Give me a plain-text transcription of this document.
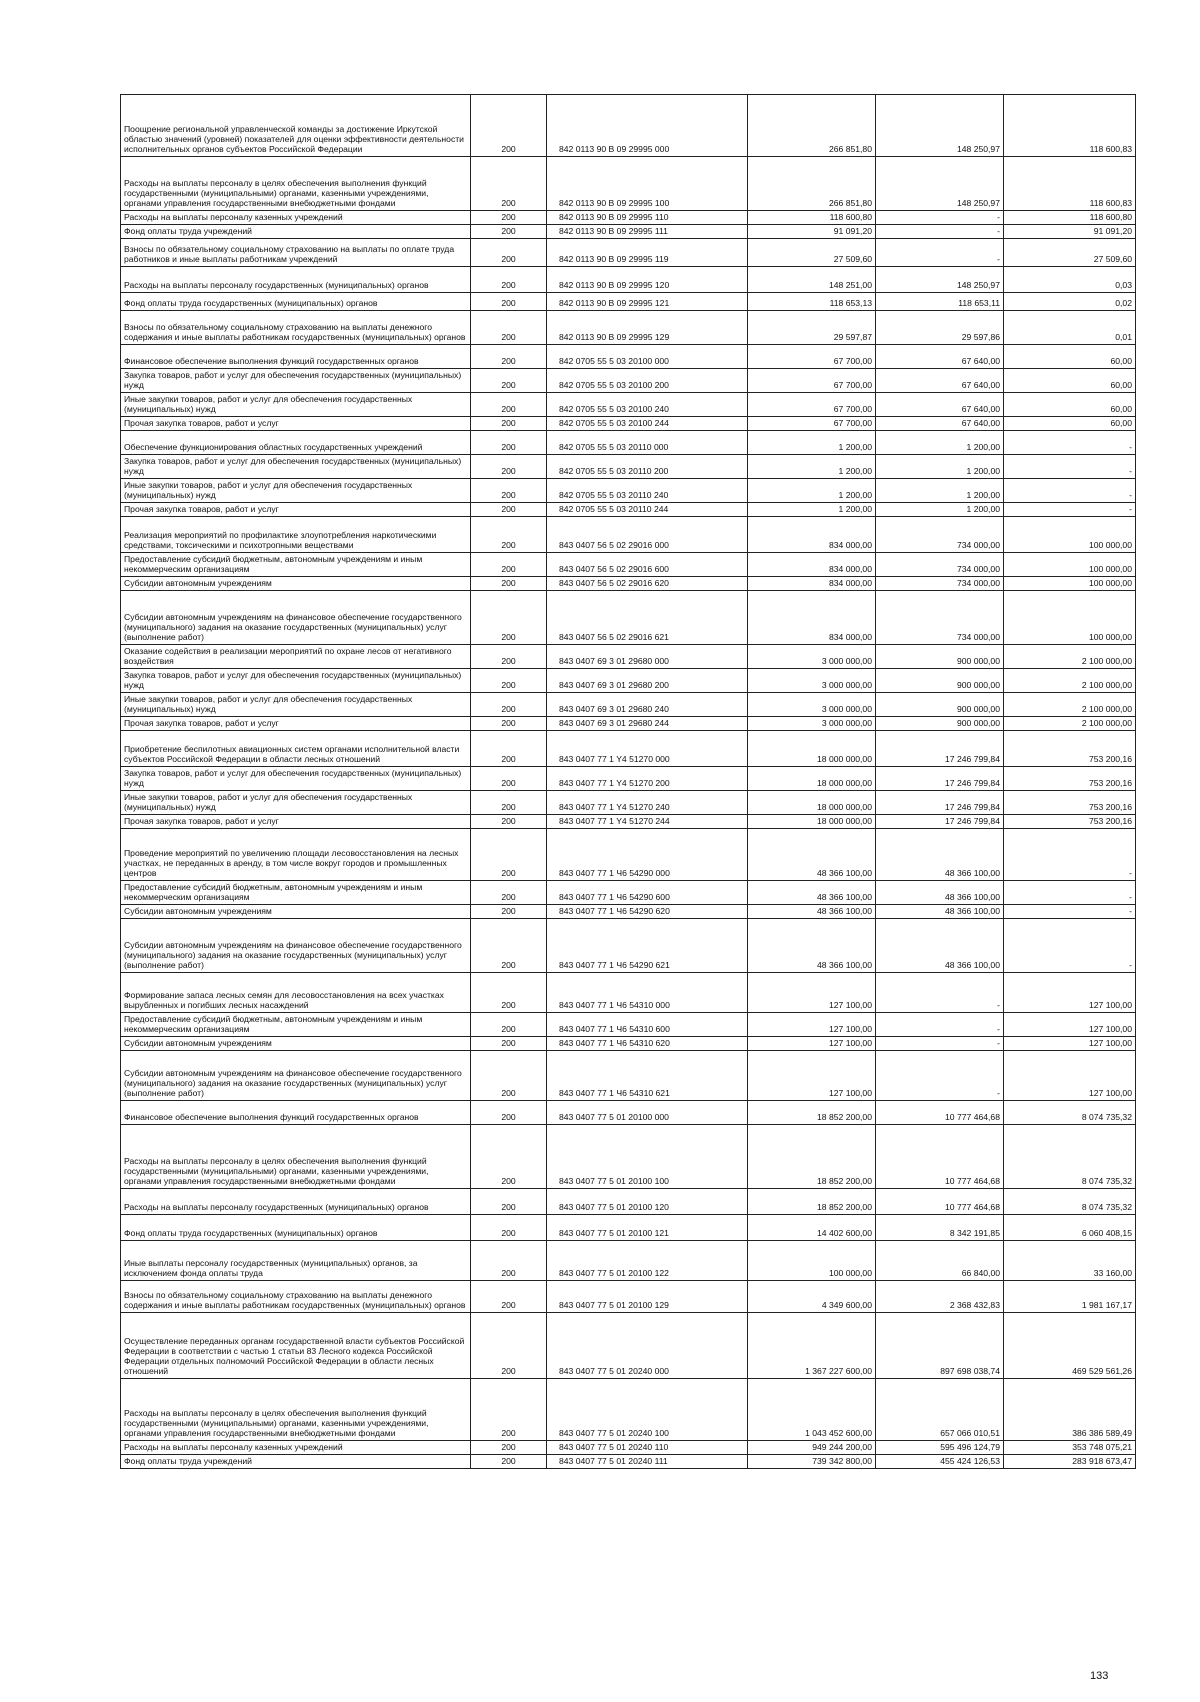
Поощрение региональной управленческой команды за достижение Иркутской областью значений (уровней) показателей для оценки эффективности деятельности исполнительных органов субъектов Российской Федерации	200	842 0113 90 В 09 29995 000	266 851,80	148 250,97	118 600,83
Расходы на выплаты персоналу в целях обеспечения выполнения функций государственными (муниципальными) органами, казенными учреждениями, органами управления государственными внебюджетными фондами	200	842 0113 90 В 09 29995 100	266 851,80	148 250,97	118 600,83
Расходы на выплаты персоналу казенных учреждений	200	842 0113 90 В 09 29995 110	118 600,80	-	118 600,80
Фонд оплаты труда учреждений	200	842 0113 90 В 09 29995 111	91 091,20	-	91 091,20
Взносы по обязательному социальному страхованию на выплаты по оплате труда работников и иные выплаты работникам учреждений	200	842 0113 90 В 09 29995 119	27 509,60	-	27 509,60
Расходы на выплаты персоналу государственных (муниципальных) органов	200	842 0113 90 В 09 29995 120	148 251,00	148 250,97	0,03
Фонд оплаты труда государственных (муниципальных) органов	200	842 0113 90 В 09 29995 121	118 653,13	118 653,11	0,02
Взносы по обязательному социальному страхованию на выплаты денежного содержания и иные выплаты работникам государственных (муниципальных) органов	200	842 0113 90 В 09 29995 129	29 597,87	29 597,86	0,01
Финансовое обеспечение выполнения функций государственных органов	200	842 0705 55 5 03 20100 000	67 700,00	67 640,00	60,00
Закупка товаров, работ и услуг для обеспечения государственных (муниципальных) нужд	200	842 0705 55 5 03 20100 200	67 700,00	67 640,00	60,00
Иные закупки товаров, работ и услуг для обеспечения государственных (муниципальных) нужд	200	842 0705 55 5 03 20100 240	67 700,00	67 640,00	60,00
Прочая закупка товаров, работ и услуг	200	842 0705 55 5 03 20100 244	67 700,00	67 640,00	60,00
Обеспечение функционирования областных государственных учреждений	200	842 0705 55 5 03 20110 000	1 200,00	1 200,00	-
Закупка товаров, работ и услуг для обеспечения государственных (муниципальных) нужд	200	842 0705 55 5 03 20110 200	1 200,00	1 200,00	-
Иные закупки товаров, работ и услуг для обеспечения государственных (муниципальных) нужд	200	842 0705 55 5 03 20110 240	1 200,00	1 200,00	-
Прочая закупка товаров, работ и услуг	200	842 0705 55 5 03 20110 244	1 200,00	1 200,00	-
Реализация мероприятий по профилактике злоупотребления наркотическими средствами, токсическими и психотропными веществами	200	843 0407 56 5 02 29016 000	834 000,00	734 000,00	100 000,00
Предоставление субсидий бюджетным, автономным учреждениям и иным некоммерческим организациям	200	843 0407 56 5 02 29016 600	834 000,00	734 000,00	100 000,00
Субсидии автономным учреждениям	200	843 0407 56 5 02 29016 620	834 000,00	734 000,00	100 000,00
Субсидии автономным учреждениям на финансовое обеспечение государственного (муниципального) задания на оказание государственных (муниципальных) услуг (выполнение работ)	200	843 0407 56 5 02 29016 621	834 000,00	734 000,00	100 000,00
Оказание содействия в реализации мероприятий по охране лесов от негативного воздействия	200	843 0407 69 3 01 29680 000	3 000 000,00	900 000,00	2 100 000,00
Закупка товаров, работ и услуг для обеспечения государственных (муниципальных) нужд	200	843 0407 69 3 01 29680 200	3 000 000,00	900 000,00	2 100 000,00
Иные закупки товаров, работ и услуг для обеспечения государственных (муниципальных) нужд	200	843 0407 69 3 01 29680 240	3 000 000,00	900 000,00	2 100 000,00
Прочая закупка товаров, работ и услуг	200	843 0407 69 3 01 29680 244	3 000 000,00	900 000,00	2 100 000,00
Приобретение беспилотных авиационных систем органами исполнительной власти субъектов Российской Федерации в области лесных отношений	200	843 0407 77 1 Y4 51270 000	18 000 000,00	17 246 799,84	753 200,16
Закупка товаров, работ и услуг для обеспечения государственных (муниципальных) нужд	200	843 0407 77 1 Y4 51270 200	18 000 000,00	17 246 799,84	753 200,16
Иные закупки товаров, работ и услуг для обеспечения государственных (муниципальных) нужд	200	843 0407 77 1 Y4 51270 240	18 000 000,00	17 246 799,84	753 200,16
Прочая закупка товаров, работ и услуг	200	843 0407 77 1 Y4 51270 244	18 000 000,00	17 246 799,84	753 200,16
Проведение мероприятий по увеличению площади лесовосстановления на лесных участках, не переданных в аренду, в том числе вокруг городов и промышленных центров	200	843 0407 77 1 Ч6 54290 000	48 366 100,00	48 366 100,00	-
Предоставление субсидий бюджетным, автономным учреждениям и иным некоммерческим организациям	200	843 0407 77 1 Ч6 54290 600	48 366 100,00	48 366 100,00	-
Субсидии автономным учреждениям	200	843 0407 77 1 Ч6 54290 620	48 366 100,00	48 366 100,00	-
Субсидии автономным учреждениям на финансовое обеспечение государственного (муниципального) задания на оказание государственных (муниципальных) услуг (выполнение работ)	200	843 0407 77 1 Ч6 54290 621	48 366 100,00	48 366 100,00	-
Формирование запаса лесных семян для лесовосстановления на всех участках вырубленных и погибших лесных насаждений	200	843 0407 77 1 Ч6 54310 000	127 100,00	-	127 100,00
Предоставление субсидий бюджетным, автономным учреждениям и иным некоммерческим организациям	200	843 0407 77 1 Ч6 54310 600	127 100,00	-	127 100,00
Субсидии автономным учреждениям	200	843 0407 77 1 Ч6 54310 620	127 100,00	-	127 100,00
Субсидии автономным учреждениям на финансовое обеспечение государственного (муниципального) задания на оказание государственных (муниципальных) услуг (выполнение работ)	200	843 0407 77 1 Ч6 54310 621	127 100,00	-	127 100,00
Финансовое обеспечение выполнения функций государственных органов	200	843 0407 77 5 01 20100 000	18 852 200,00	10 777 464,68	8 074 735,32
Расходы на выплаты персоналу в целях обеспечения выполнения функций государственными (муниципальными) органами, казенными учреждениями, органами управления государственными внебюджетными фондами	200	843 0407 77 5 01 20100 100	18 852 200,00	10 777 464,68	8 074 735,32
Расходы на выплаты персоналу государственных (муниципальных) органов	200	843 0407 77 5 01 20100 120	18 852 200,00	10 777 464,68	8 074 735,32
Фонд оплаты труда государственных (муниципальных) органов	200	843 0407 77 5 01 20100 121	14 402 600,00	8 342 191,85	6 060 408,15
Иные выплаты персоналу государственных (муниципальных) органов, за исключением фонда оплаты труда	200	843 0407 77 5 01 20100 122	100 000,00	66 840,00	33 160,00
Взносы по обязательному социальному страхованию на выплаты денежного содержания и иные выплаты работникам государственных (муниципальных) органов	200	843 0407 77 5 01 20100 129	4 349 600,00	2 368 432,83	1 981 167,17
Осуществление переданных органам государственной власти субъектов Российской Федерации в соответствии с частью 1 статьи 83 Лесного кодекса Российской Федерации отдельных полномочий Российской Федерации в области лесных отношений	200	843 0407 77 5 01 20240 000	1 367 227 600,00	897 698 038,74	469 529 561,26
Расходы на выплаты персоналу в целях обеспечения выполнения функций государственными (муниципальными) органами, казенными учреждениями, органами управления государственными внебюджетными фондами	200	843 0407 77 5 01 20240 100	1 043 452 600,00	657 066 010,51	386 386 589,49
Расходы на выплаты персоналу казенных учреждений	200	843 0407 77 5 01 20240 110	949 244 200,00	595 496 124,79	353 748 075,21
Фонд оплаты труда учреждений	200	843 0407 77 5 01 20240 111	739 342 800,00	455 424 126,53	283 918 673,47
133
